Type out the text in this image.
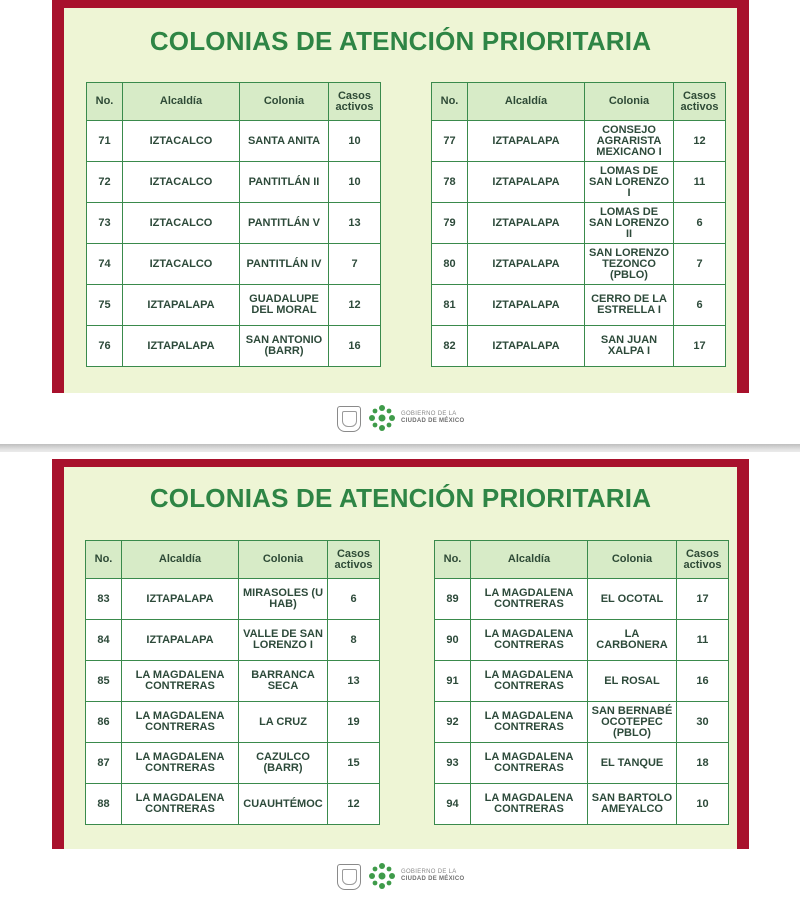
COLONIAS DE ATENCIÓN PRIORITARIA
No.	Alcaldía	Colonia	Casos activos
71	IZTACALCO	SANTA ANITA	10
72	IZTACALCO	PANTITLÁN II	10
73	IZTACALCO	PANTITLÁN V	13
74	IZTACALCO	PANTITLÁN IV	7
75	IZTAPALAPA	GUADALUPE DEL MORAL	12
76	IZTAPALAPA	SAN ANTONIO (BARR)	16
No.	Alcaldía	Colonia	Casos activos
77	IZTAPALAPA	CONSEJO AGRARISTA MEXICANO I	12
78	IZTAPALAPA	LOMAS DE SAN LORENZO I	11
79	IZTAPALAPA	LOMAS DE SAN LORENZO II	6
80	IZTAPALAPA	SAN LORENZO TEZONCO (PBLO)	7
81	IZTAPALAPA	CERRO DE LA ESTRELLA I	6
82	IZTAPALAPA	SAN JUAN XALPA I	17
GOBIERNO DE LA
CIUDAD DE MÉXICO
COLONIAS DE ATENCIÓN PRIORITARIA
No.	Alcaldía	Colonia	Casos activos
83	IZTAPALAPA	MIRASOLES (U HAB)	6
84	IZTAPALAPA	VALLE DE SAN LORENZO I	8
85	LA MAGDALENA CONTRERAS	BARRANCA SECA	13
86	LA MAGDALENA CONTRERAS	LA CRUZ	19
87	LA MAGDALENA CONTRERAS	CAZULCO (BARR)	15
88	LA MAGDALENA CONTRERAS	CUAUHTÉMOC	12
No.	Alcaldía	Colonia	Casos activos
89	LA MAGDALENA CONTRERAS	EL OCOTAL	17
90	LA MAGDALENA CONTRERAS	LA CARBONERA	11
91	LA MAGDALENA CONTRERAS	EL ROSAL	16
92	LA MAGDALENA CONTRERAS	SAN BERNABÉ OCOTEPEC (PBLO)	30
93	LA MAGDALENA CONTRERAS	EL TANQUE	18
94	LA MAGDALENA CONTRERAS	SAN BARTOLO AMEYALCO	10
GOBIERNO DE LA
CIUDAD DE MÉXICO
